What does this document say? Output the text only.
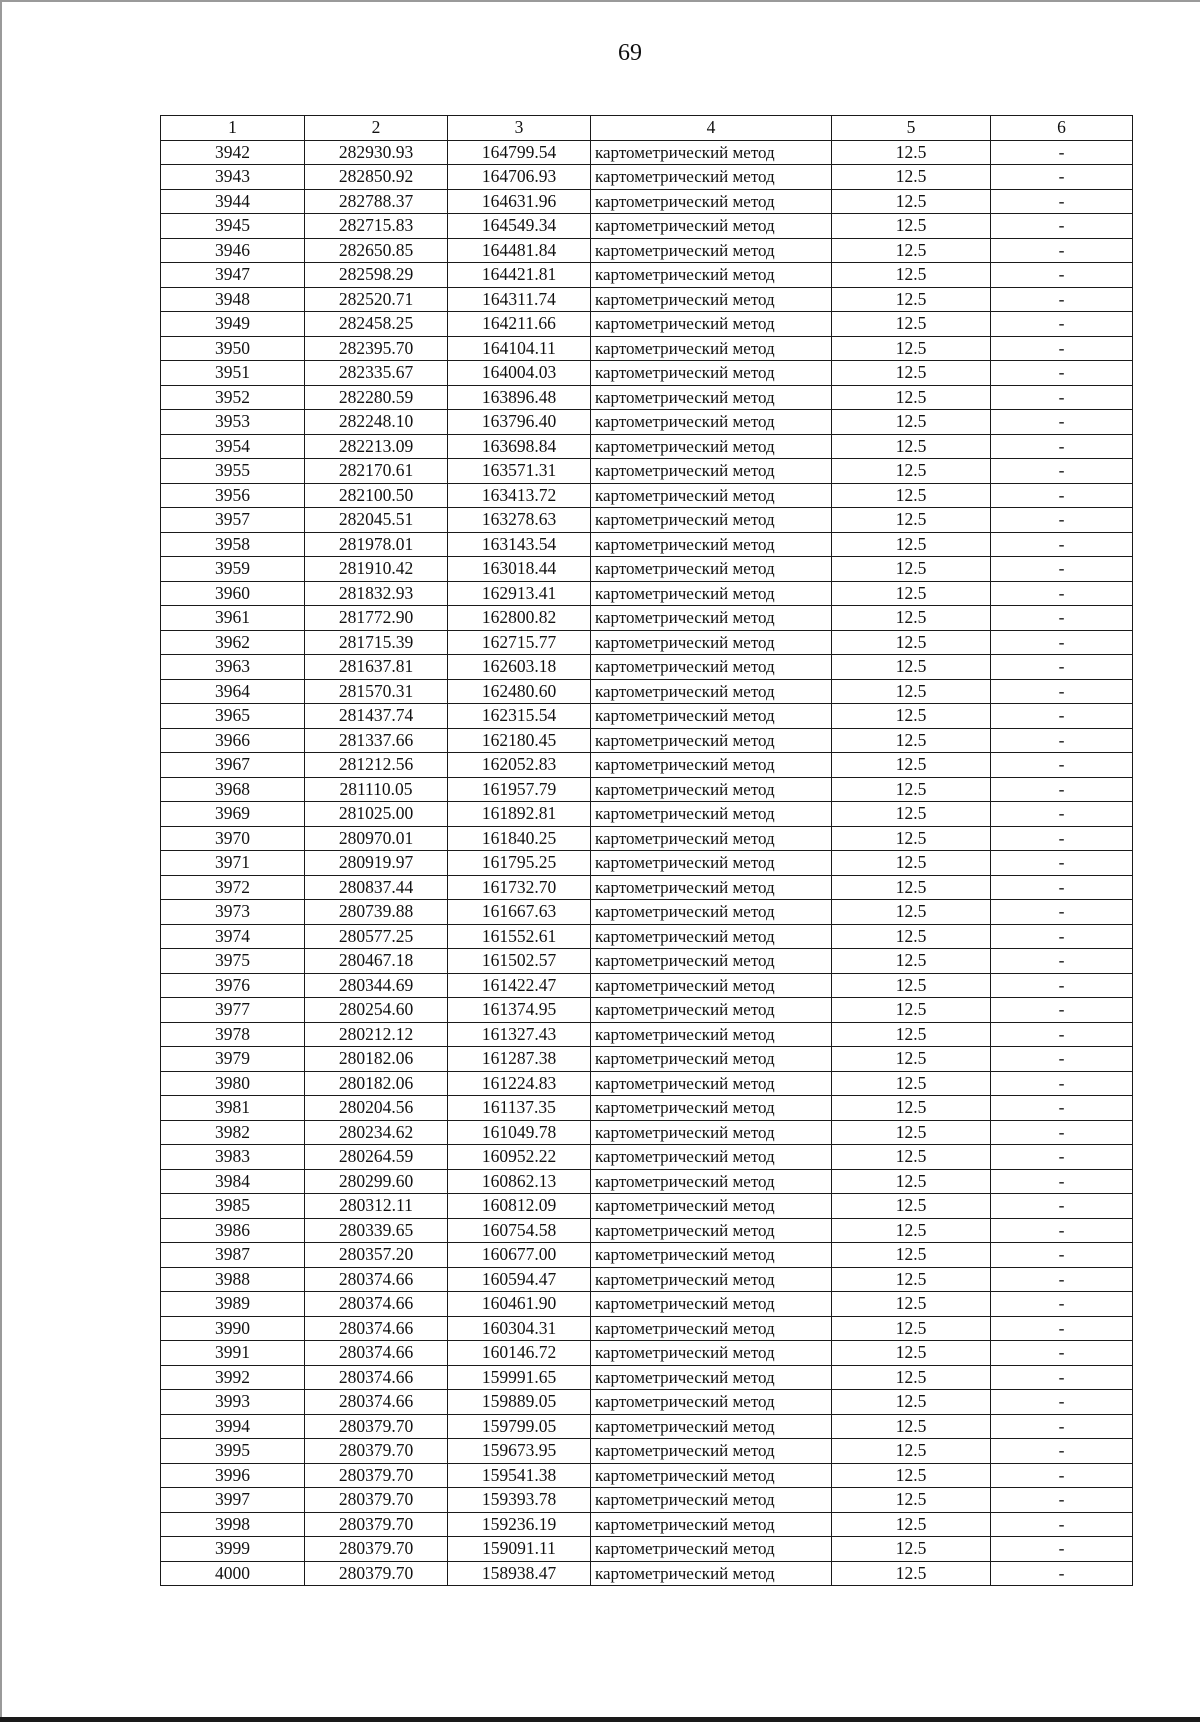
69
1	2	3	4	5	6
3942	282930.93	164799.54	картометрический метод	12.5	-
3943	282850.92	164706.93	картометрический метод	12.5	-
3944	282788.37	164631.96	картометрический метод	12.5	-
3945	282715.83	164549.34	картометрический метод	12.5	-
3946	282650.85	164481.84	картометрический метод	12.5	-
3947	282598.29	164421.81	картометрический метод	12.5	-
3948	282520.71	164311.74	картометрический метод	12.5	-
3949	282458.25	164211.66	картометрический метод	12.5	-
3950	282395.70	164104.11	картометрический метод	12.5	-
3951	282335.67	164004.03	картометрический метод	12.5	-
3952	282280.59	163896.48	картометрический метод	12.5	-
3953	282248.10	163796.40	картометрический метод	12.5	-
3954	282213.09	163698.84	картометрический метод	12.5	-
3955	282170.61	163571.31	картометрический метод	12.5	-
3956	282100.50	163413.72	картометрический метод	12.5	-
3957	282045.51	163278.63	картометрический метод	12.5	-
3958	281978.01	163143.54	картометрический метод	12.5	-
3959	281910.42	163018.44	картометрический метод	12.5	-
3960	281832.93	162913.41	картометрический метод	12.5	-
3961	281772.90	162800.82	картометрический метод	12.5	-
3962	281715.39	162715.77	картометрический метод	12.5	-
3963	281637.81	162603.18	картометрический метод	12.5	-
3964	281570.31	162480.60	картометрический метод	12.5	-
3965	281437.74	162315.54	картометрический метод	12.5	-
3966	281337.66	162180.45	картометрический метод	12.5	-
3967	281212.56	162052.83	картометрический метод	12.5	-
3968	281110.05	161957.79	картометрический метод	12.5	-
3969	281025.00	161892.81	картометрический метод	12.5	-
3970	280970.01	161840.25	картометрический метод	12.5	-
3971	280919.97	161795.25	картометрический метод	12.5	-
3972	280837.44	161732.70	картометрический метод	12.5	-
3973	280739.88	161667.63	картометрический метод	12.5	-
3974	280577.25	161552.61	картометрический метод	12.5	-
3975	280467.18	161502.57	картометрический метод	12.5	-
3976	280344.69	161422.47	картометрический метод	12.5	-
3977	280254.60	161374.95	картометрический метод	12.5	-
3978	280212.12	161327.43	картометрический метод	12.5	-
3979	280182.06	161287.38	картометрический метод	12.5	-
3980	280182.06	161224.83	картометрический метод	12.5	-
3981	280204.56	161137.35	картометрический метод	12.5	-
3982	280234.62	161049.78	картометрический метод	12.5	-
3983	280264.59	160952.22	картометрический метод	12.5	-
3984	280299.60	160862.13	картометрический метод	12.5	-
3985	280312.11	160812.09	картометрический метод	12.5	-
3986	280339.65	160754.58	картометрический метод	12.5	-
3987	280357.20	160677.00	картометрический метод	12.5	-
3988	280374.66	160594.47	картометрический метод	12.5	-
3989	280374.66	160461.90	картометрический метод	12.5	-
3990	280374.66	160304.31	картометрический метод	12.5	-
3991	280374.66	160146.72	картометрический метод	12.5	-
3992	280374.66	159991.65	картометрический метод	12.5	-
3993	280374.66	159889.05	картометрический метод	12.5	-
3994	280379.70	159799.05	картометрический метод	12.5	-
3995	280379.70	159673.95	картометрический метод	12.5	-
3996	280379.70	159541.38	картометрический метод	12.5	-
3997	280379.70	159393.78	картометрический метод	12.5	-
3998	280379.70	159236.19	картометрический метод	12.5	-
3999	280379.70	159091.11	картометрический метод	12.5	-
4000	280379.70	158938.47	картометрический метод	12.5	-
